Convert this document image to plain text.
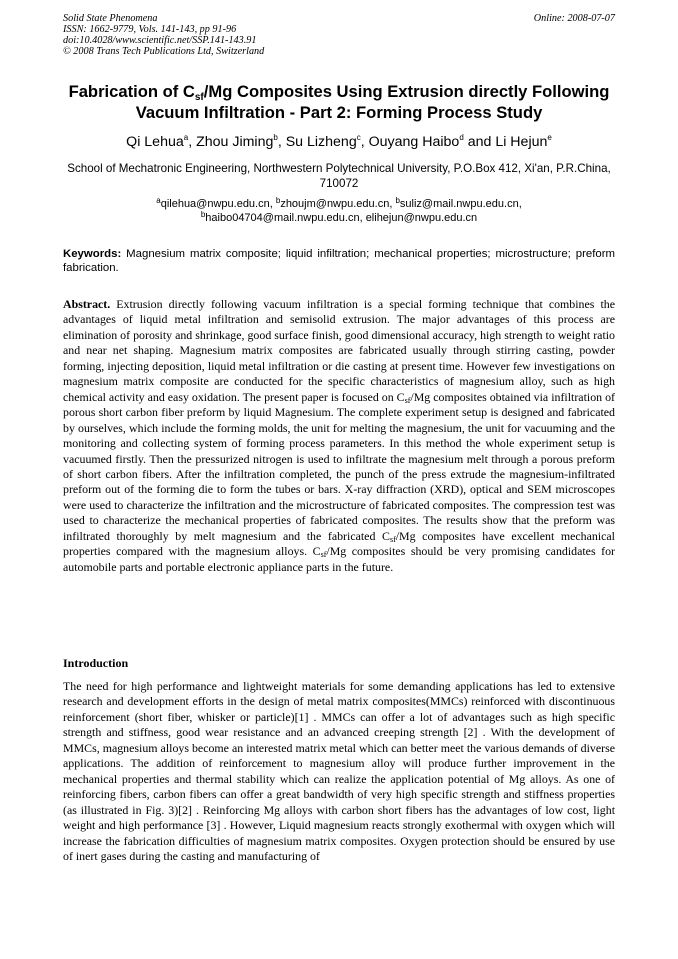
Solid State Phenomena
ISSN: 1662-9779, Vols. 141-143, pp 91-96
doi:10.4028/www.scientific.net/SSP.141-143.91
© 2008 Trans Tech Publications Ltd, Switzerland
Online: 2008-07-07
Fabrication of $C_{sf}/Mg$ Composites Using Extrusion directly Following Vacuum Infiltration - Part 2: Forming Process Study
Qi Lehua$^a$, Zhou Jiming$^b$, Su Lizheng$^c$, Ouyang Haibo$^d$ and Li Hejun$^e$
School of Mechatronic Engineering, Northwestern Polytechnical University, P.O.Box 412, Xi'an, P.R.China, 710072
$^a$qilehua@nwpu.edu.cn, $^b$zhoujm@nwpu.edu.cn, $^b$suliz@mail.nwpu.edu.cn,
$^b$haibo04704@mail.nwpu.edu.cn, elihejun@nwpu.edu.cn
Keywords: Magnesium matrix composite; liquid infiltration; mechanical properties; microstructure; preform fabrication.
Abstract. Extrusion directly following vacuum infiltration is a special forming technique that combines the advantages of liquid metal infiltration and semisolid extrusion. The major advantages of this process are elimination of porosity and shrinkage, good surface finish, good dimensional accuracy, high strength to weight ratio and near net shaping. Magnesium matrix composites are fabricated usually through stirring casting, powder forming, injecting deposition, liquid metal infiltration or die casting at present time. However few investigations on magnesium matrix composite are conducted for the specific characteristics of magnesium alloy, such as high chemical activity and easy oxidation. The present paper is focused on $C_{sf}/Mg$ composites obtained via infiltration of porous short carbon fiber preform by liquid Magnesium. The complete experiment setup is designed and fabricated by ourselves, which include the forming molds, the unit for melting the magnesium, the unit for vacuuming and the monitoring and collecting system of forming process parameters. In this method the whole experiment setup is vacuumed firstly. Then the pressurized nitrogen is used to infiltrate the magnesium melt through a porous preform of short carbon fibers. After the infiltration completed, the punch of the press extrude the magnesium-infiltrated preform out of the forming die to form the tubes or bars. X-ray diffraction (XRD), optical and SEM microscopes were used to characterize the infiltration and the microstructure of fabricated composites. The compression test was used to characterize the mechanical properties of fabricated composites. The results show that the preform was infiltrated thoroughly by melt magnesium and the fabricated $C_{sf}/Mg$ composites have excellent mechanical properties compared with the magnesium alloys. $C_{sf}/Mg$ composites should be very promising candidates for automobile parts and portable electronic appliance parts in the future.
Introduction
The need for high performance and lightweight materials for some demanding applications has led to extensive research and development efforts in the design of metal matrix composites(MMCs) reinforced with discontinuous reinforcement (short fiber, whisker or particle)[1] . MMCs can offer a lot of advantages such as high specific strength and stiffness, good wear resistance and an advanced creeping strength [2] . With the development of MMCs, magnesium alloys become an interested matrix metal which can better meet the various demands of diverse applications. The addition of reinforcement to magnesium alloy will produce further improvement in the mechanical properties and thermal stability which can realize the application potential of Mg alloys. As one of reinforcing fibers, carbon fibers can offer a great bandwidth of very high specific strength and stiffness properties (as illustrated in Fig. 3)[2] . Reinforcing Mg alloys with carbon short fibers has the advantages of low cost, light weight and high performance [3] . However, Liquid magnesium reacts strongly exothermal with oxygen which will increase the fabrication difficulties of magnesium matrix composites. Oxygen protection should be ensured by use of inert gases during the casting and manufacturing of
